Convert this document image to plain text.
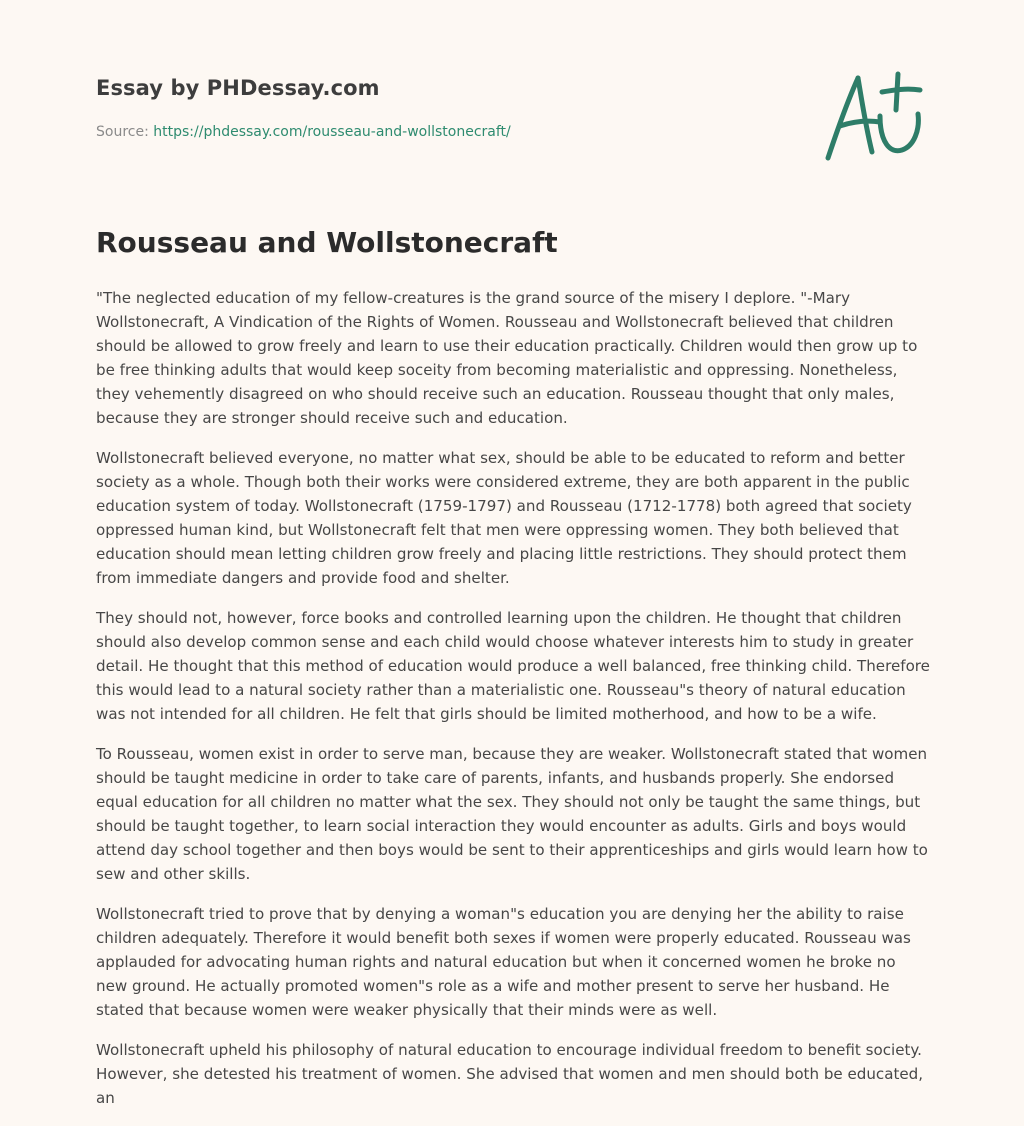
Essay by PHDessay.com
Source: https://phdessay.com/rousseau-and-wollstonecraft/
Rousseau and Wollstonecraft

"The neglected education of my fellow-creatures is the grand source of the misery I deplore. "-Mary Wollstonecraft, A Vindication of the Rights of Women. Rousseau and Wollstonecraft believed that children should be allowed to grow freely and learn to use their education practically. Children would then grow up to be free thinking adults that would keep soceity from becoming materialistic and oppressing. Nonetheless, they vehemently disagreed on who should receive such an education. Rousseau thought that only males, because they are stronger should receive such and education.

Wollstonecraft believed everyone, no matter what sex, should be able to be educated to reform and better society as a whole. Though both their works were considered extreme, they are both apparent in the public education system of today. Wollstonecraft (1759-1797) and Rousseau (1712-1778) both agreed that society oppressed human kind, but Wollstonecraft felt that men were oppressing women. They both believed that education should mean letting children grow freely and placing little restrictions. They should protect them from immediate dangers and provide food and shelter.

They should not, however, force books and controlled learning upon the children. He thought that children should also develop common sense and each child would choose whatever interests him to study in greater detail. He thought that this method of education would produce a well balanced, free thinking child. Therefore this would lead to a natural society rather than a materialistic one. Rousseau"s theory of natural education was not intended for all children. He felt that girls should be limited motherhood, and how to be a wife.

To Rousseau, women exist in order to serve man, because they are weaker. Wollstonecraft stated that women should be taught medicine in order to take care of parents, infants, and husbands properly. She endorsed equal education for all children no matter what the sex. They should not only be taught the same things, but should be taught together, to learn social interaction they would encounter as adults. Girls and boys would attend day school together and then boys would be sent to their apprenticeships and girls would learn how to sew and other skills.

Wollstonecraft tried to prove that by denying a woman"s education you are denying her the ability to raise children adequately. Therefore it would benefit both sexes if women were properly educated. Rousseau was applauded for advocating human rights and natural education but when it concerned women he broke no new ground. He actually promoted women"s role as a wife and mother present to serve her husband. He stated that because women were weaker physically that their minds were as well.

Wollstonecraft upheld his philosophy of natural education to encourage individual freedom to benefit society. However, she detested his treatment of women. She advised that women and men should both be educated, an
